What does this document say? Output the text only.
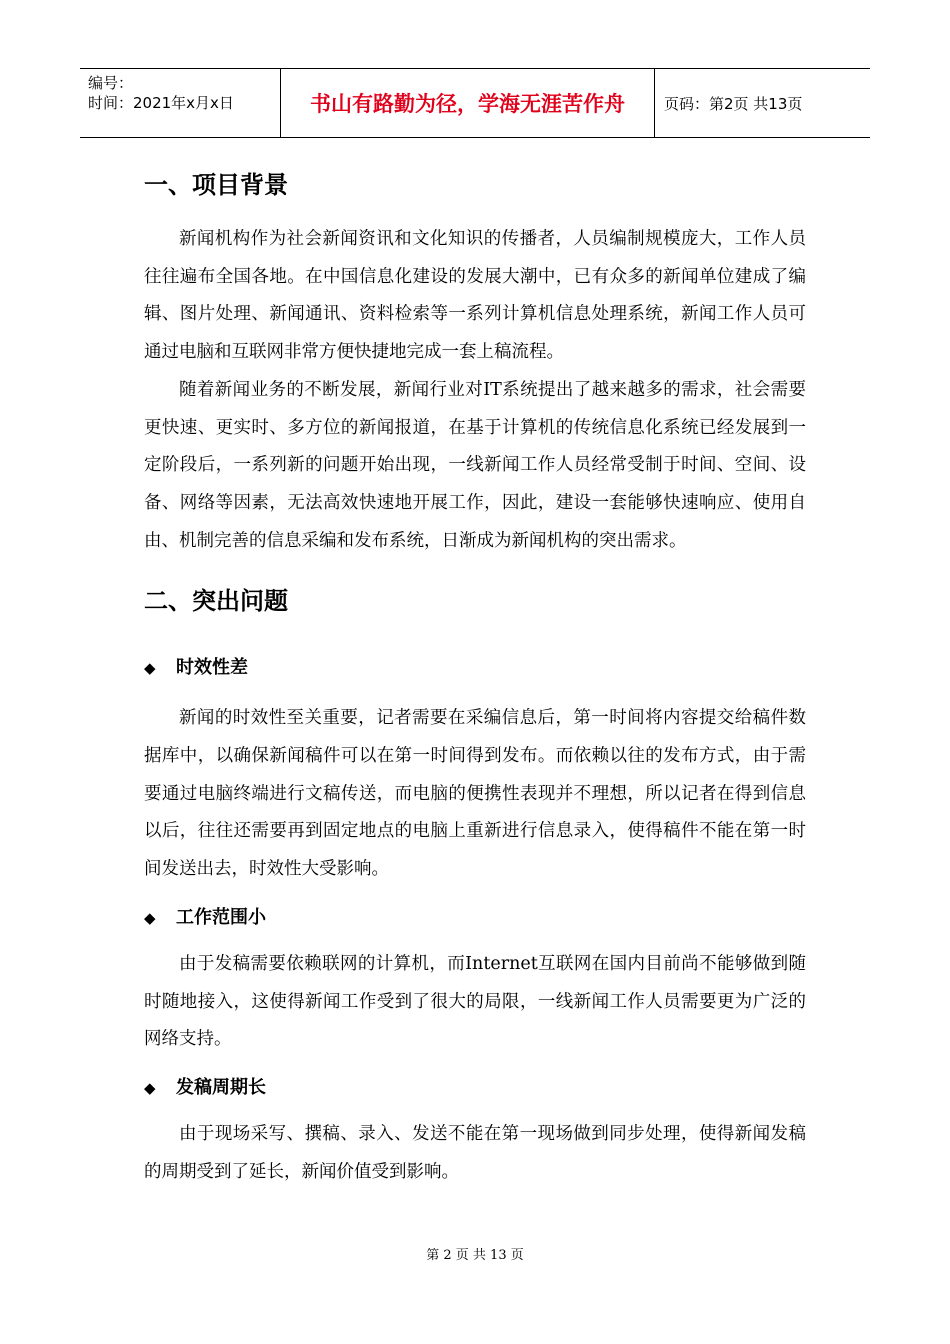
编号：
时间：2021年x月x日	书山有路勤为径，学海无涯苦作舟	页码：第2页 共13页
一、项目背景

新闻机构作为社会新闻资讯和文化知识的传播者，人员编制规模庞大，工作人员往往遍布全国各地。在中国信息化建设的发展大潮中，已有众多的新闻单位建成了编辑、图片处理、新闻通讯、资料检索等一系列计算机信息处理系统，新闻工作人员可通过电脑和互联网非常方便快捷地完成一套上稿流程。

随着新闻业务的不断发展，新闻行业对IT系统提出了越来越多的需求，社会需要更快速、更实时、多方位的新闻报道，在基于计算机的传统信息化系统已经发展到一定阶段后，一系列新的问题开始出现，一线新闻工作人员经常受制于时间、空间、设备、网络等因素，无法高效快速地开展工作，因此，建设一套能够快速响应、使用自由、机制完善的信息采编和发布系统，日渐成为新闻机构的突出需求。

二、突出问题
◆	时效性差

新闻的时效性至关重要，记者需要在采编信息后，第一时间将内容提交给稿件数据库中，以确保新闻稿件可以在第一时间得到发布。而依赖以往的发布方式，由于需要通过电脑终端进行文稿传送，而电脑的便携性表现并不理想，所以记者在得到信息以后，往往还需要再到固定地点的电脑上重新进行信息录入，使得稿件不能在第一时间发送出去，时效性大受影响。

◆	工作范围小

由于发稿需要依赖联网的计算机，而Internet互联网在国内目前尚不能够做到随时随地接入，这使得新闻工作受到了很大的局限，一线新闻工作人员需要更为广泛的网络支持。

◆	发稿周期长

由于现场采写、撰稿、录入、发送不能在第一现场做到同步处理，使得新闻发稿的周期受到了延长，新闻价值受到影响。

第 2 页 共 13 页
